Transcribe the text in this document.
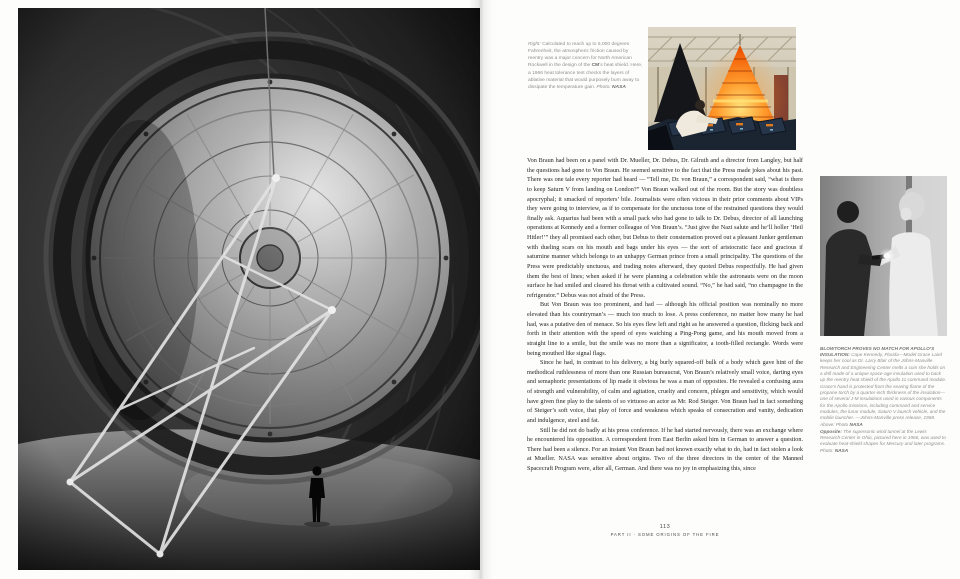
Right: Calculated to reach up to 5,000 degrees Fahrenheit, the atmospheric friction caused by reentry was a major concern for North American Rockwell in the design of the CM’s heat shield. Here, a 1966 heat tolerance test checks the layers of ablative material that would purposely burn away to dissipate the temperature gain. Photo: NASA

Von Braun had been on a panel with Dr. Mueller, Dr. Debus, Dr. Gilruth and a director from Langley, but half the questions had gone to Von Braun. He seemed sensitive to the fact that the Press made jokes about his past. There was one tale every reporter had heard — “Tell me, Dr. von Braun,” a correspondent said, “what is there to keep Saturn V from landing on London?” Von Braun walked out of the room. But the story was doubtless apocryphal; it smacked of reporters’ bile. Journalists were often vicious in their prior comments about VIPs they were going to interview, as if to compensate for the unctuous tone of the restrained questions they would finally ask. Aquarius had been with a small pack who had gone to talk to Dr. Debus, director of all launching operations at Kennedy and a former colleague of Von Braun’s. “Just give the Nazi salute and he’ll holler ‘Heil Hitler!’” they all promised each other, but Debus to their consternation proved out a pleasant Junker gentleman with dueling scars on his mouth and bags under his eyes — the sort of aristocratic face and gracious if saturnine manner which belongs to an unhappy German prince from a small principality. The questions of the Press were predictably unctuous, and trading notes afterward, they quoted Debus respectfully. He had given them the best of lines; when asked if he were planning a celebration while the astronauts were on the moon surface he had smiled and cleared his throat with a cultivated sound. “No,” he had said, “no champagne in the refrigerator.” Debus was not afraid of the Press.

But Von Braun was too prominent, and had — although his official position was nominally no more elevated than his countryman’s — much too much to lose. A press conference, no matter how many he had had, was a putative den of menace. So his eyes flew left and right as he answered a question, flicking back and forth in their attention with the speed of eyes watching a Ping-Pong game, and his mouth moved from a straight line to a smile, but the smile was no more than a significator, a tooth-filled rectangle. Words were being mouthed like signal flags.

Since he had, in contrast to his delivery, a big burly squared-off bulk of a body which gave hint of the methodical ruthlessness of more than one Russian bureaucrat, Von Braun’s relatively small voice, darting eyes and semaphoric presentations of lip made it obvious he was a man of opposites. He revealed a confusing aura of strength and vulnerability, of calm and agitation, cruelty and concern, phlegm and sensitivity, which would have given fine play to the talents of so virtuoso an actor as Mr. Rod Steiger. Von Braun had in fact something of Steiger’s soft voice, that play of force and weakness which speaks of consecration and vanity, dedication and indulgence, steel and fat.

Still he did not do badly at his press conference. If he had started nervously, there was an exchange where he encountered his opposition. A correspondent from East Berlin asked him in German to answer a question. There had been a silence. For an instant Von Braun had not known exactly what to do, had in fact stolen a look at Mueller. NASA was sensitive about origins. Two of the three directors in the center of the Manned Spacecraft Program were, after all, German. And there was no joy in emphasizing this, since

BLOWTORCH PROVES NO MATCH FOR APOLLO’S INSULATION: Cape Kennedy, Florida—Model Grace Laird keeps her cool as Dr. Larry Blair of the Johns-Manville Research and Engineering Center melts a coin she holds on a drill made of a unique space-age insulation used to back up the reentry heat shield of the Apollo 11 command module. Grace’s hand is protected from the searing flame of the propane torch by a quarter-inch thickness of the insulation—one of several J-M insulations used in various components for the Apollo missions, including command and service modules, the lunar module, Saturn V launch vehicle, and the mobile launcher. —Johns-Manville press release, 1968. Above: Photo NASA

Opposite: The supersonic wind tunnel at the Lewis Research Center in Ohio, pictured here in 1966, was used to evaluate heat-shield shapes for Mercury and later programs. Photo: NASA

113
PART II · SOME ORIGINS OF THE FIRE
